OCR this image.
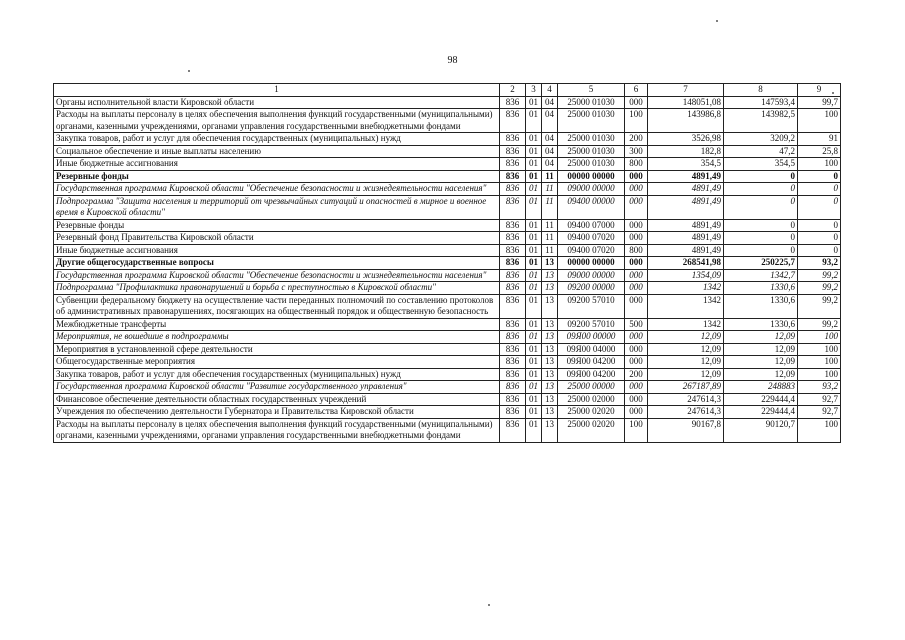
98
1	2	3	4	5	6	7	8	9
Органы исполнительной власти Кировской области	836	01	04	25000 01030	000	148051,08	147593,4	99,7
Расходы на выплаты персоналу в целях обеспечения выполнения функций государственными (муниципальными) органами, казенными учреждениями, органами управления государственными внебюджетными фондами	836	01	04	25000 01030	100	143986,8	143982,5	100
Закупка товаров, работ и услуг для обеспечения государственных (муниципальных) нужд	836	01	04	25000 01030	200	3526,98	3209,2	91
Социальное обеспечение и иные выплаты населению	836	01	04	25000 01030	300	182,8	47,2	25,8
Иные бюджетные ассигнования	836	01	04	25000 01030	800	354,5	354,5	100
Резервные фонды	836	01	11	00000 00000	000	4891,49	0	0
Государственная программа Кировской области "Обеспечение безопасности и жизнедеятельности населения"	836	01	11	09000 00000	000	4891,49	0	0
Подпрограмма "Защита населения и территорий от чрезвычайных ситуаций и опасностей в мирное и военное время в Кировской области"	836	01	11	09400 00000	000	4891,49	0	0
Резервные фонды	836	01	11	09400 07000	000	4891,49	0	0
Резервный фонд Правительства Кировской области	836	01	11	09400 07020	000	4891,49	0	0
Иные бюджетные ассигнования	836	01	11	09400 07020	800	4891,49	0	0
Другие общегосударственные вопросы	836	01	13	00000 00000	000	268541,98	250225,7	93,2
Государственная программа Кировской области "Обеспечение безопасности и жизнедеятельности населения"	836	01	13	09000 00000	000	1354,09	1342,7	99,2
Подпрограмма "Профилактика правонарушений и борьба с преступностью в Кировской области"	836	01	13	09200 00000	000	1342	1330,6	99,2
Субвенции федеральному бюджету на осуществление части переданных полномочий по составлению протоколов об административных правонарушениях, посягающих на общественный порядок и общественную безопасность	836	01	13	09200 57010	000	1342	1330,6	99,2
Межбюджетные трансферты	836	01	13	09200 57010	500	1342	1330,6	99,2
Мероприятия, не вошедшие в подпрограммы	836	01	13	09Я00 00000	000	12,09	12,09	100
Мероприятия в установленной сфере деятельности	836	01	13	09Я00 04000	000	12,09	12,09	100
Общегосударственные мероприятия	836	01	13	09Я00 04200	000	12,09	12,09	100
Закупка товаров, работ и услуг для обеспечения государственных (муниципальных) нужд	836	01	13	09Я00 04200	200	12,09	12,09	100
Государственная программа Кировской области "Развитие государственного управления"	836	01	13	25000 00000	000	267187,89	248883	93,2
Финансовое обеспечение деятельности областных государственных учреждений	836	01	13	25000 02000	000	247614,3	229444,4	92,7
Учреждения по обеспечению деятельности Губернатора и Правительства Кировской области	836	01	13	25000 02020	000	247614,3	229444,4	92,7
Расходы на выплаты персоналу в целях обеспечения выполнения функций государственными (муниципальными) органами, казенными учреждениями, органами управления государственными внебюджетными фондами	836	01	13	25000 02020	100	90167,8	90120,7	100
